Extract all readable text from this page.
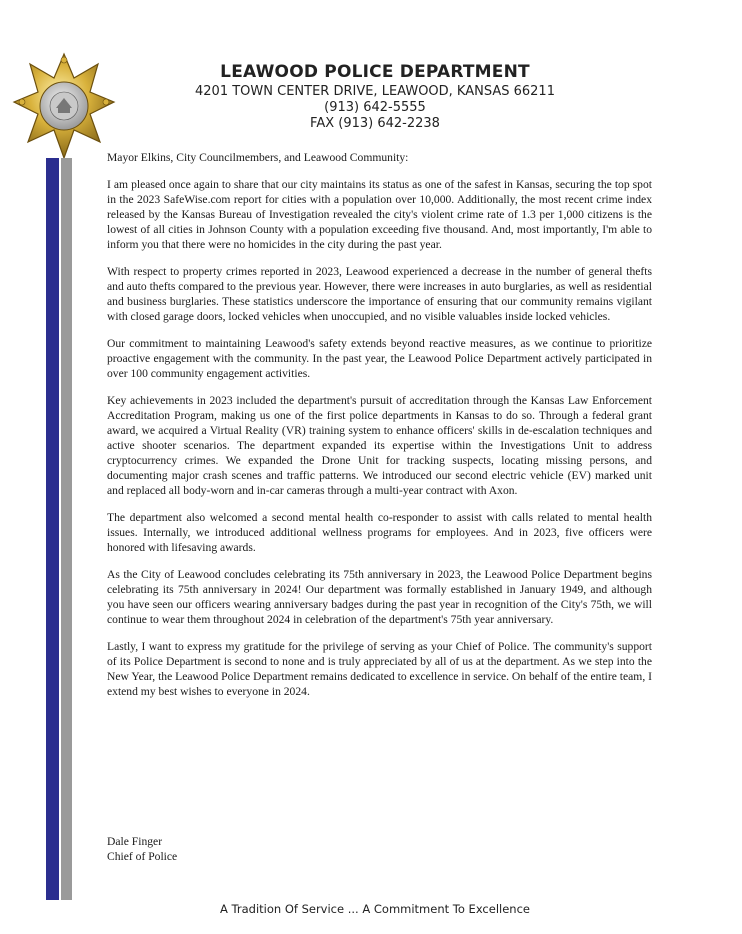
LEAWOOD POLICE DEPARTMENT
4201 TOWN CENTER DRIVE, LEAWOOD, KANSAS 66211
(913) 642-5555
FAX (913) 642-2238

Mayor Elkins, City Councilmembers, and Leawood Community:

I am pleased once again to share that our city maintains its status as one of the safest in Kansas, securing the top spot in the 2023 SafeWise.com report for cities with a population over 10,000. Additionally, the most recent crime index released by the Kansas Bureau of Investigation revealed the city's violent crime rate of 1.3 per 1,000 citizens is the lowest of all cities in Johnson County with a population exceeding five thousand. And, most importantly, I'm able to inform you that there were no homicides in the city during the past year.

With respect to property crimes reported in 2023, Leawood experienced a decrease in the number of general thefts and auto thefts compared to the previous year. However, there were increases in auto burglaries, as well as residential and business burglaries. These statistics underscore the importance of ensuring that our community remains vigilant with closed garage doors, locked vehicles when unoccupied, and no visible valuables inside locked vehicles.

Our commitment to maintaining Leawood's safety extends beyond reactive measures, as we continue to prioritize proactive engagement with the community. In the past year, the Leawood Police Department actively participated in over 100 community engagement activities.

Key achievements in 2023 included the department's pursuit of accreditation through the Kansas Law Enforcement Accreditation Program, making us one of the first police departments in Kansas to do so. Through a federal grant award, we acquired a Virtual Reality (VR) training system to enhance officers' skills in de-escalation techniques and active shooter scenarios. The department expanded its expertise within the Investigations Unit to address cryptocurrency crimes. We expanded the Drone Unit for tracking suspects, locating missing persons, and documenting major crash scenes and traffic patterns. We introduced our second electric vehicle (EV) marked unit and replaced all body-worn and in-car cameras through a multi-year contract with Axon.

The department also welcomed a second mental health co-responder to assist with calls related to mental health issues. Internally, we introduced additional wellness programs for employees. And in 2023, five officers were honored with lifesaving awards.

As the City of Leawood concludes celebrating its 75th anniversary in 2023, the Leawood Police Department begins celebrating its 75th anniversary in 2024! Our department was formally established in January 1949, and although you have seen our officers wearing anniversary badges during the past year in recognition of the City's 75th, we will continue to wear them throughout 2024 in celebration of the department's 75th year anniversary.

Lastly, I want to express my gratitude for the privilege of serving as your Chief of Police. The community's support of its Police Department is second to none and is truly appreciated by all of us at the department. As we step into the New Year, the Leawood Police Department remains dedicated to excellence in service. On behalf of the entire team, I extend my best wishes to everyone in 2024.

Dale Finger
Chief of Police
A Tradition Of Service ... A Commitment To Excellence
